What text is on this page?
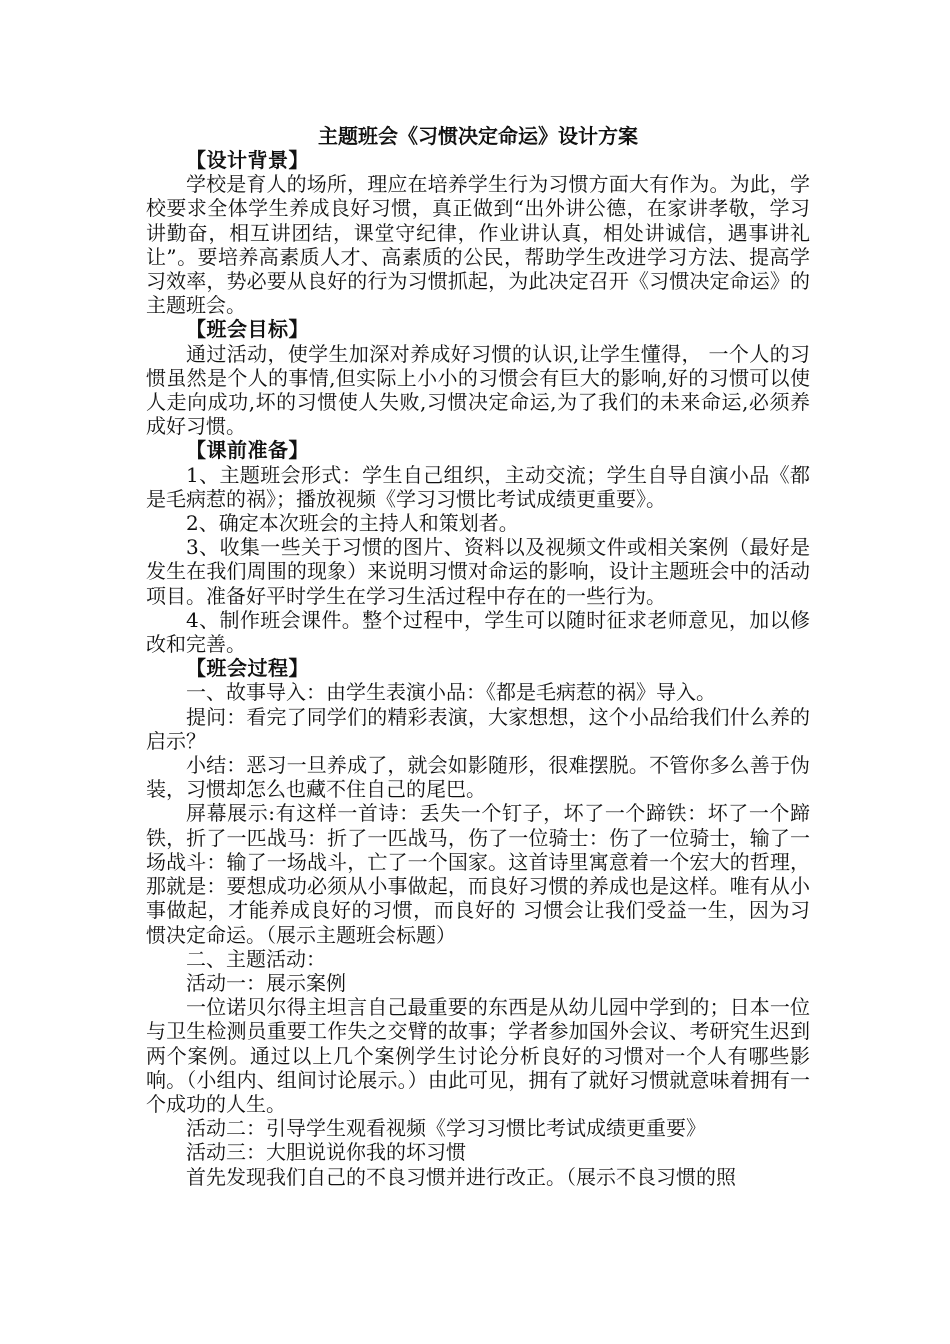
主题班会《习惯决定命运》设计方案

【设计背景】

学校是育人的场所，理应在培养学生行为习惯方面大有作为。为此，学校要求全体学生养成良好习惯，真正做到“出外讲公德，在家讲孝敬，学习讲勤奋，相互讲团结，课堂守纪律，作业讲认真，相处讲诚信，遇事讲礼让”。要培养高素质人才、高素质的公民，帮助学生改进学习方法、提高学习效率，势必要从良好的行为习惯抓起，为此决定召开《习惯决定命运》的主题班会。

【班会目标】

通过活动，使学生加深对养成好习惯的认识,让学生懂得， 一个人的习惯虽然是个人的事情,但实际上小小的习惯会有巨大的影响,好的习惯可以使人走向成功,坏的习惯使人失败,习惯决定命运,为了我们的未来命运,必须养成好习惯。

【课前准备】

1、主题班会形式：学生自己组织，主动交流；学生自导自演小品《都是毛病惹的祸》；播放视频《学习习惯比考试成绩更重要》。

2、确定本次班会的主持人和策划者。

3、收集一些关于习惯的图片、资料以及视频文件或相关案例（最好是发生在我们周围的现象）来说明习惯对命运的影响，设计主题班会中的活动项目。准备好平时学生在学习生活过程中存在的一些行为。

4、制作班会课件。整个过程中，学生可以随时征求老师意见，加以修改和完善。

【班会过程】

一、故事导入：由学生表演小品：《都是毛病惹的祸》导入。

提问：看完了同学们的精彩表演，大家想想，这个小品给我们什么养的启示？

小结：恶习一旦养成了，就会如影随形，很难摆脱。不管你多么善于伪装，习惯却怎么也藏不住自己的尾巴。

屏幕展示:有这样一首诗：丢失一个钉子，坏了一个蹄铁：坏了一个蹄铁，折了一匹战马：折了一匹战马，伤了一位骑士：伤了一位骑士，输了一场战斗：输了一场战斗，亡了一个国家。这首诗里寓意着一个宏大的哲理，那就是：要想成功必须从小事做起，而良好习惯的养成也是这样。唯有从小事做起，才能养成良好的习惯，而良好的 习惯会让我们受益一生，因为习惯决定命运。（展示主题班会标题）

二、主题活动：

活动一：展示案例

一位诺贝尔得主坦言自己最重要的东西是从幼儿园中学到的；日本一位与卫生检测员重要工作失之交臂的故事；学者参加国外会议、考研究生迟到两个案例。通过以上几个案例学生讨论分析良好的习惯对一个人有哪些影响。（小组内、组间讨论展示。）由此可见，拥有了就好习惯就意味着拥有一个成功的人生。

活动二：引导学生观看视频《学习习惯比考试成绩更重要》

活动三：大胆说说你我的坏习惯

首先发现我们自己的不良习惯并进行改正。（展示不良习惯的照
